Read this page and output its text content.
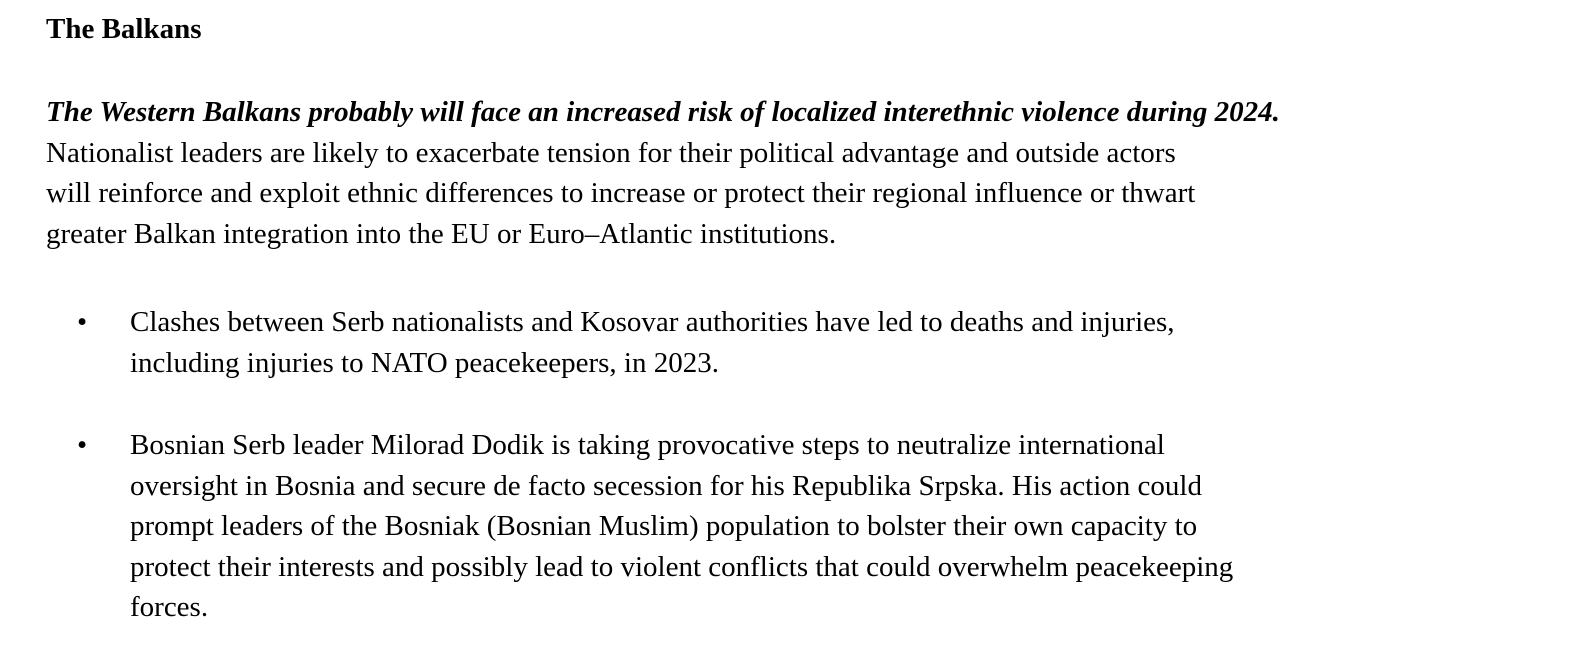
The Balkans
The Western Balkans probably will face an increased risk of localized interethnic violence during 2024.
Nationalist leaders are likely to exacerbate tension for their political advantage and outside actors
will reinforce and exploit ethnic differences to increase or protect their regional influence or thwart
greater Balkan integration into the EU or Euro–Atlantic institutions.
• Clashes between Serb nationalists and Kosovar authorities have led to deaths and injuries,
including injuries to NATO peacekeepers, in 2023.
• Bosnian Serb leader Milorad Dodik is taking provocative steps to neutralize international
oversight in Bosnia and secure de facto secession for his Republika Srpska. His action could
prompt leaders of the Bosniak (Bosnian Muslim) population to bolster their own capacity to
protect their interests and possibly lead to violent conflicts that could overwhelm peacekeeping
forces.
